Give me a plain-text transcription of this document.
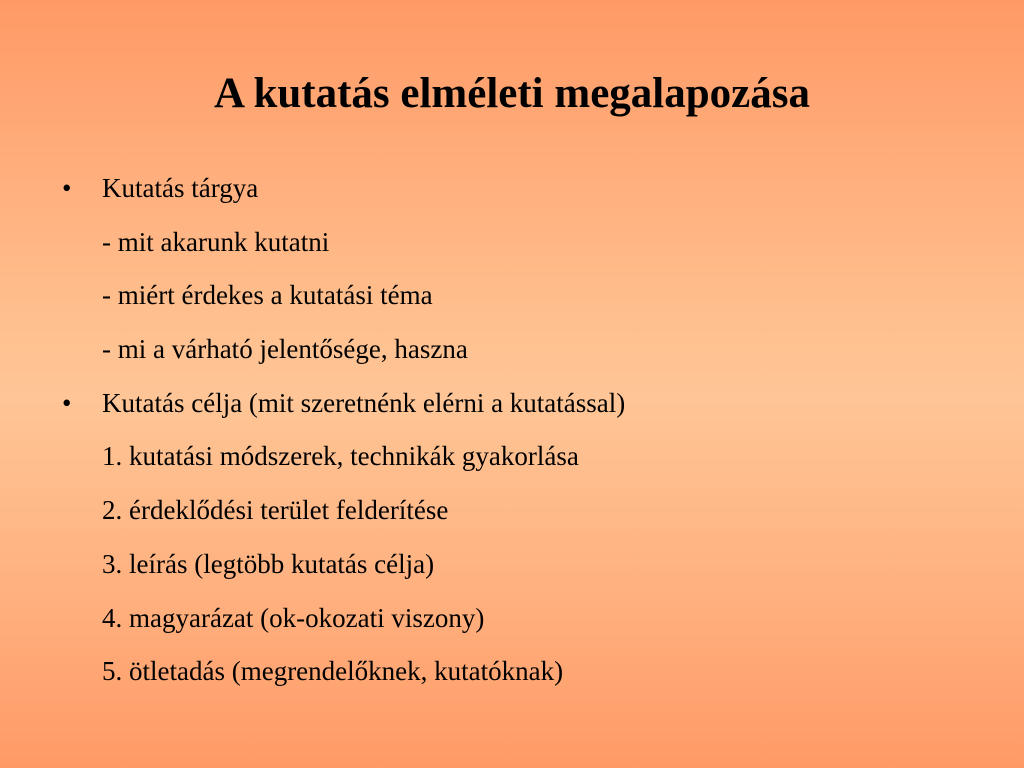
A kutatás elméleti megalapozása
•	Kutatás tárgya
- mit akarunk kutatni
- miért érdekes a kutatási téma
- mi a várható jelentősége, haszna
•	Kutatás célja (mit szeretnénk elérni a kutatással)
1. kutatási módszerek, technikák gyakorlása
2. érdeklődési terület felderítése
3. leírás (legtöbb kutatás célja)
4. magyarázat (ok-okozati viszony)
5. ötletadás (megrendelőknek, kutatóknak)
